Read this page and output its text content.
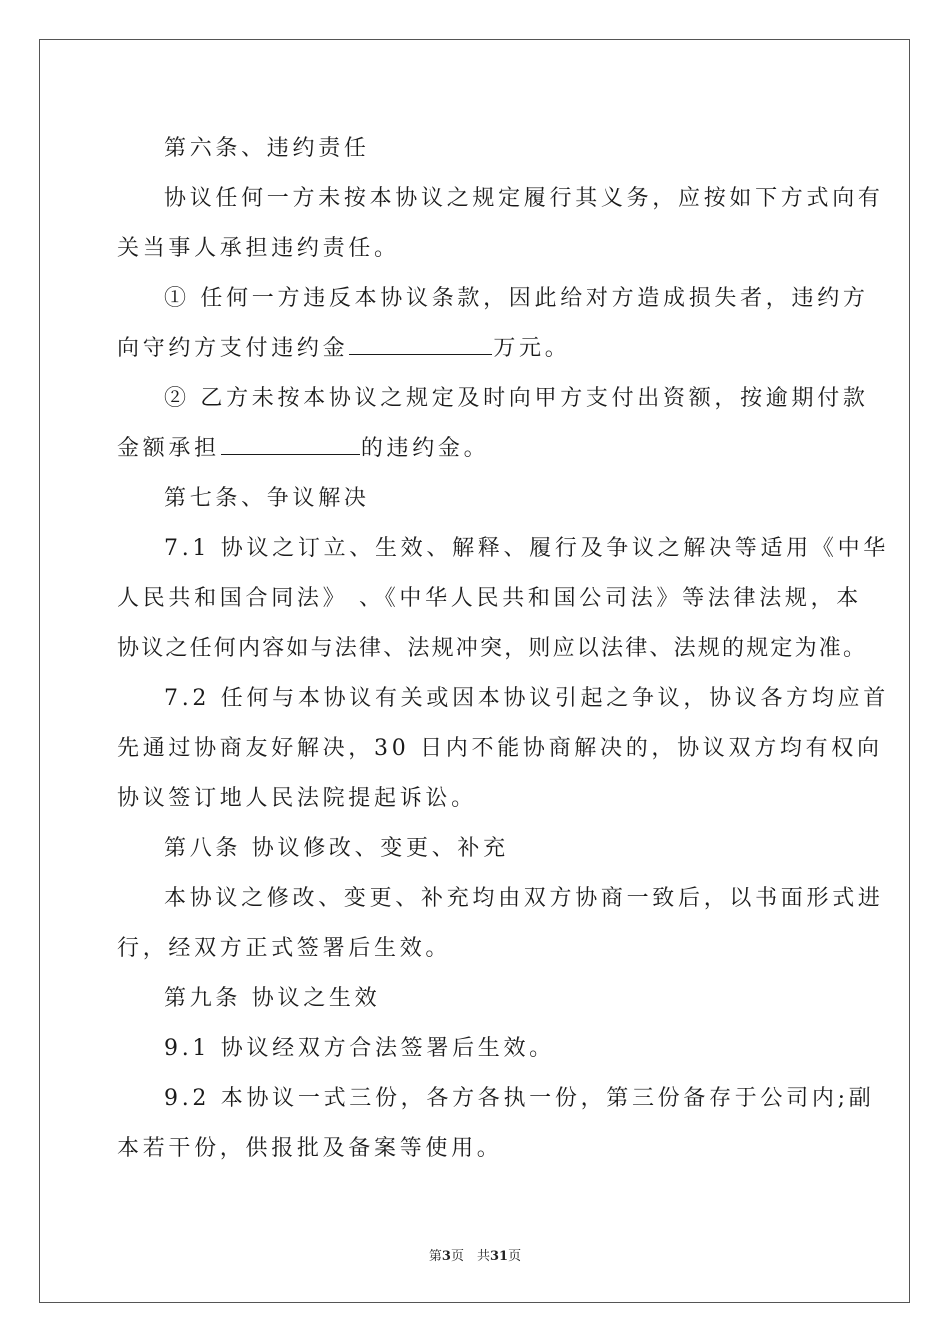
第六条、违约责任
协议任何一方未按本协议之规定履行其义务，应按如下方式向有
关当事人承担违约责任。
① 任何一方违反本协议条款，因此给对方造成损失者，违约方
向守约方支付违约金	万元。
② 乙方未按本协议之规定及时向甲方支付出资额，按逾期付款
金额承担	的违约金。
第七条、争议解决
7.1 协议之订立、生效、解释、履行及争议之解决等适用《中华
人民共和国合同法》 、《中华人民共和国公司法》等法律法规，本
协议之任何内容如与法律、法规冲突，则应以法律、法规的规定为准。
7.2 任何与本协议有关或因本协议引起之争议，协议各方均应首
先通过协商友好解决，30 日内不能协商解决的，协议双方均有权向
协议签订地人民法院提起诉讼。
第八条 协议修改、变更、补充
本协议之修改、变更、补充均由双方协商一致后，以书面形式进
行，经双方正式签署后生效。
第九条 协议之生效
9.1 协议经双方合法签署后生效。
9.2 本协议一式三份，各方各执一份，第三份备存于公司内;副
本若干份，供报批及备案等使用。
第3页　共31页
